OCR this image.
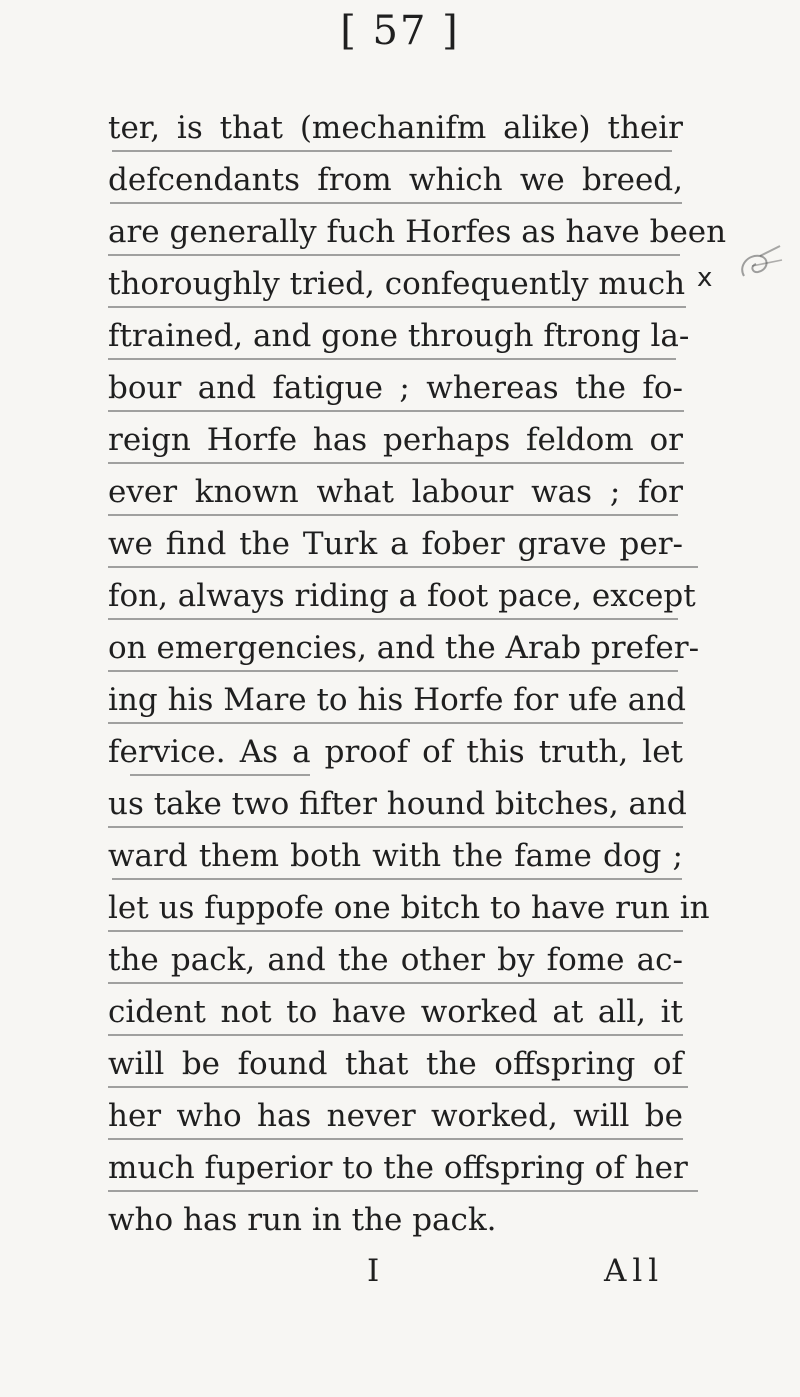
[ 57 ]
ter, is that (mechanifm alike) their
defcendants from which we breed,
are generally fuch Horfes as have been
thoroughly tried, confequently much
ftrained, and gone through ftrong la-
bour and fatigue ; whereas the fo-
reign Horfe has perhaps feldom or
ever known what labour was ; for
we find the Turk a fober grave per-
fon, always riding a foot pace, except
on emergencies, and the Arab prefer-
ing his Mare to his Horfe for ufe and
fervice. As a proof of this truth, let
us take two fifter hound bitches, and
ward them both with the fame dog ;
let us fuppofe one bitch to have run in
the pack, and the other by fome ac-
cident not to have worked at all, it
will be found that the offspring of
her who has never worked, will be
much fuperior to the offspring of her
who has run in the pack.
I	All
x
